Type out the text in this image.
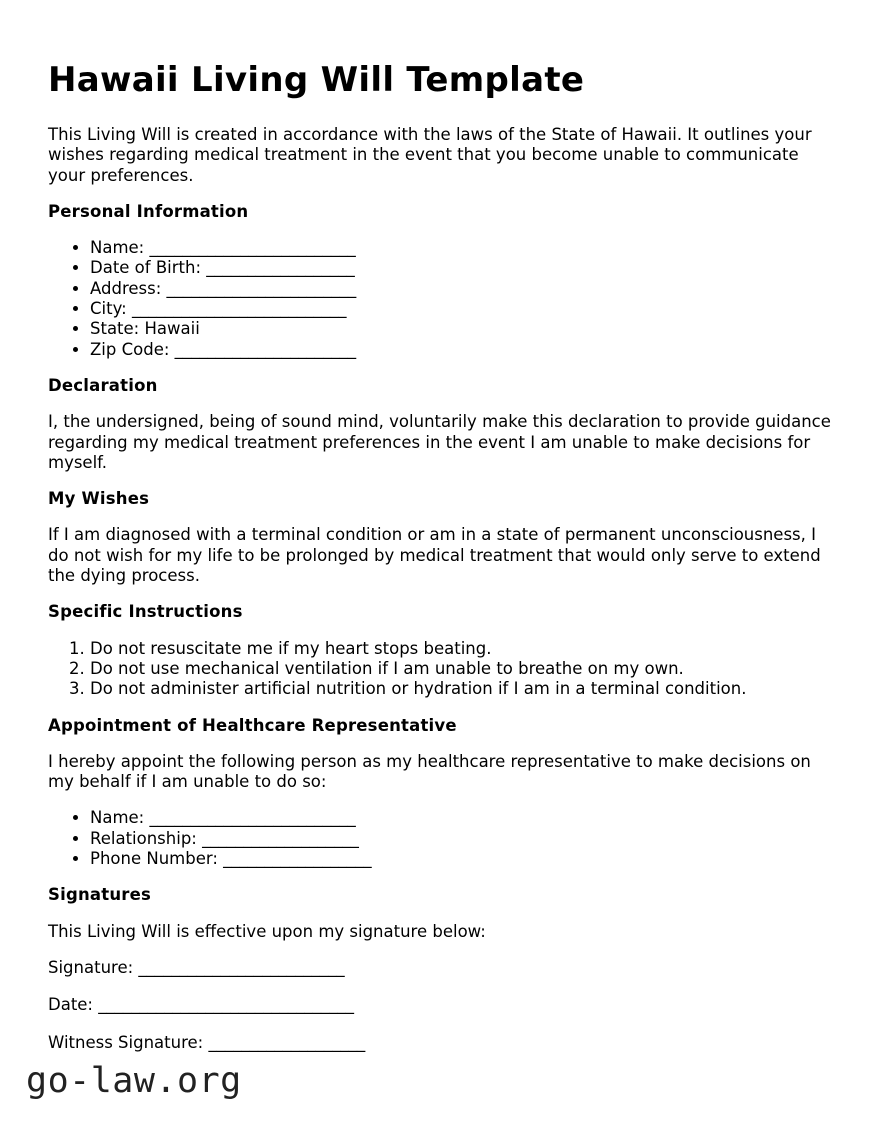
Hawaii Living Will Template

This Living Will is created in accordance with the laws of the State of Hawaii. It outlines your wishes regarding medical treatment in the event that you become unable to communicate your preferences.

Personal Information
• Name: _________________________
• Date of Birth: __________________
• Address: _______________________
• City: __________________________
• State: Hawaii
• Zip Code: ______________________
Declaration

I, the undersigned, being of sound mind, voluntarily make this declaration to provide guidance regarding my medical treatment preferences in the event I am unable to make decisions for myself.

My Wishes

If I am diagnosed with a terminal condition or am in a state of permanent unconsciousness, I do not wish for my life to be prolonged by medical treatment that would only serve to extend the dying process.

Specific Instructions
1. Do not resuscitate me if my heart stops beating.
2. Do not use mechanical ventilation if I am unable to breathe on my own.
3. Do not administer artificial nutrition or hydration if I am in a terminal condition.
Appointment of Healthcare Representative

I hereby appoint the following person as my healthcare representative to make decisions on my behalf if I am unable to do so:

• Name: _________________________
• Relationship: ___________________
• Phone Number: __________________
Signatures

This Living Will is effective upon my signature below:

Signature: _________________________

Date: _______________________________

Witness Signature: ___________________

go-law.org
